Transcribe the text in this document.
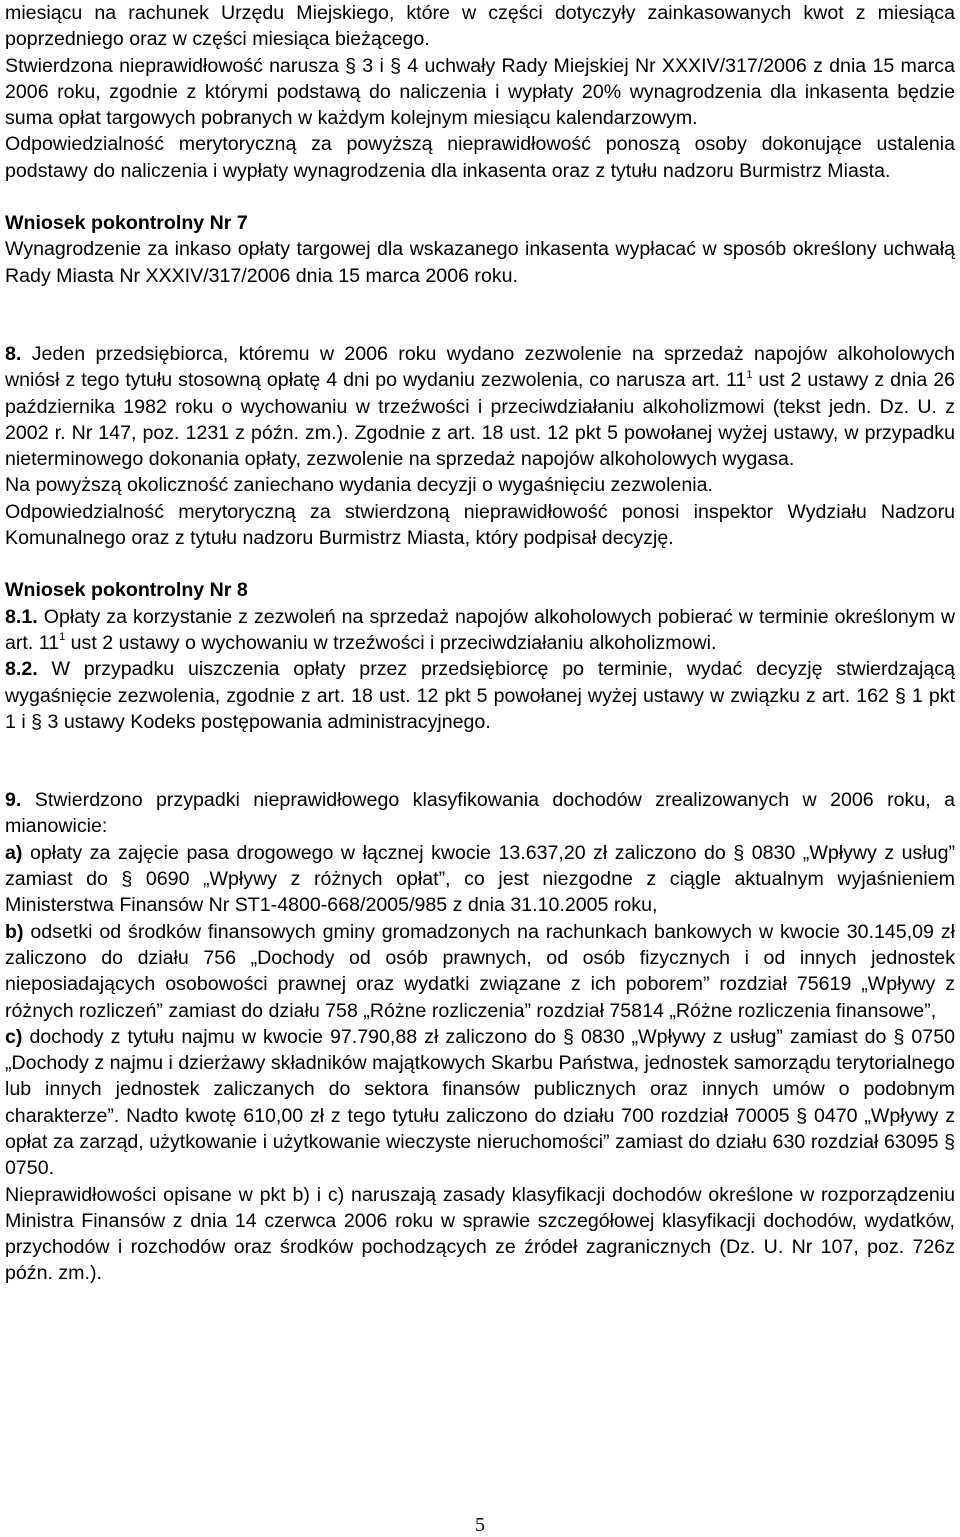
miesiącu na rachunek Urzędu Miejskiego, które w części dotyczyły zainkasowanych kwot z miesiąca poprzedniego oraz w części miesiąca bieżącego.

Stwierdzona nieprawidłowość narusza § 3 i § 4 uchwały Rady Miejskiej Nr XXXIV/317/2006 z dnia 15 marca 2006 roku, zgodnie z którymi podstawą do naliczenia i wypłaty 20% wynagrodzenia dla inkasenta będzie suma opłat targowych pobranych w każdym kolejnym miesiącu kalendarzowym.

Odpowiedzialność merytoryczną za powyższą nieprawidłowość ponoszą osoby dokonujące ustalenia podstawy do naliczenia i wypłaty wynagrodzenia dla inkasenta oraz z tytułu nadzoru Burmistrz Miasta.

Wniosek pokontrolny Nr 7

Wynagrodzenie za inkaso opłaty targowej dla wskazanego inkasenta wypłacać w sposób określony uchwałą Rady Miasta Nr XXXIV/317/2006 dnia 15 marca 2006 roku.

8. Jeden przedsiębiorca, któremu w 2006 roku wydano zezwolenie na sprzedaż napojów alkoholowych wniósł z tego tytułu stosowną opłatę 4 dni po wydaniu zezwolenia, co narusza art. $11^1$ ust 2 ustawy z dnia 26 października 1982 roku o wychowaniu w trzeźwości i przeciwdziałaniu alkoholizmowi (tekst jedn. Dz. U. z 2002 r. Nr 147, poz. 1231 z późn. zm.). Zgodnie z art. 18 ust. 12 pkt 5 powołanej wyżej ustawy, w przypadku nieterminowego dokonania opłaty, zezwolenie na sprzedaż napojów alkoholowych wygasa.

Na powyższą okoliczność zaniechano wydania decyzji o wygaśnięciu zezwolenia.

Odpowiedzialność merytoryczną za stwierdzoną nieprawidłowość ponosi inspektor Wydziału Nadzoru Komunalnego oraz z tytułu nadzoru Burmistrz Miasta, który podpisał decyzję.

Wniosek pokontrolny Nr 8

8.1. Opłaty za korzystanie z zezwoleń na sprzedaż napojów alkoholowych pobierać w terminie określonym w art. $11^1$ ust 2 ustawy o wychowaniu w trzeźwości i przeciwdziałaniu alkoholizmowi.

8.2. W przypadku uiszczenia opłaty przez przedsiębiorcę po terminie, wydać decyzję stwierdzającą wygaśnięcie zezwolenia, zgodnie z art. 18 ust. 12 pkt 5 powołanej wyżej ustawy w związku z art. 162 § 1 pkt 1 i § 3 ustawy Kodeks postępowania administracyjnego.

9. Stwierdzono przypadki nieprawidłowego klasyfikowania dochodów zrealizowanych w 2006 roku, a mianowicie:

a) opłaty za zajęcie pasa drogowego w łącznej kwocie 13.637,20 zł zaliczono do § 0830 „Wpływy z usług” zamiast do § 0690 „Wpływy z różnych opłat”, co jest niezgodne z ciągle aktualnym wyjaśnieniem Ministerstwa Finansów Nr ST1-4800-668/2005/985 z dnia 31.10.2005 roku,

b) odsetki od środków finansowych gminy gromadzonych na rachunkach bankowych w kwocie 30.145,09 zł zaliczono do działu 756 „Dochody od osób prawnych, od osób fizycznych i od innych jednostek nieposiadających osobowości prawnej oraz wydatki związane z ich poborem” rozdział 75619 „Wpływy z różnych rozliczeń” zamiast do działu 758 „Różne rozliczenia” rozdział 75814 „Różne rozliczenia finansowe”,

c) dochody z tytułu najmu w kwocie 97.790,88 zł zaliczono do § 0830 „Wpływy z usług” zamiast do § 0750 „Dochody z najmu i dzierżawy składników majątkowych Skarbu Państwa, jednostek samorządu terytorialnego lub innych jednostek zaliczanych do sektora finansów publicznych oraz innych umów o podobnym charakterze”. Nadto kwotę 610,00 zł z tego tytułu zaliczono do działu 700 rozdział 70005 § 0470 „Wpływy z opłat za zarząd, użytkowanie i użytkowanie wieczyste nieruchomości” zamiast do działu 630 rozdział 63095 § 0750.

Nieprawidłowości opisane w pkt b) i c) naruszają zasady klasyfikacji dochodów określone w rozporządzeniu Ministra Finansów z dnia 14 czerwca 2006 roku w sprawie szczegółowej klasyfikacji dochodów, wydatków, przychodów i rozchodów oraz środków pochodzących ze źródeł zagranicznych (Dz. U. Nr 107, poz. 726z późn. zm.).

5
